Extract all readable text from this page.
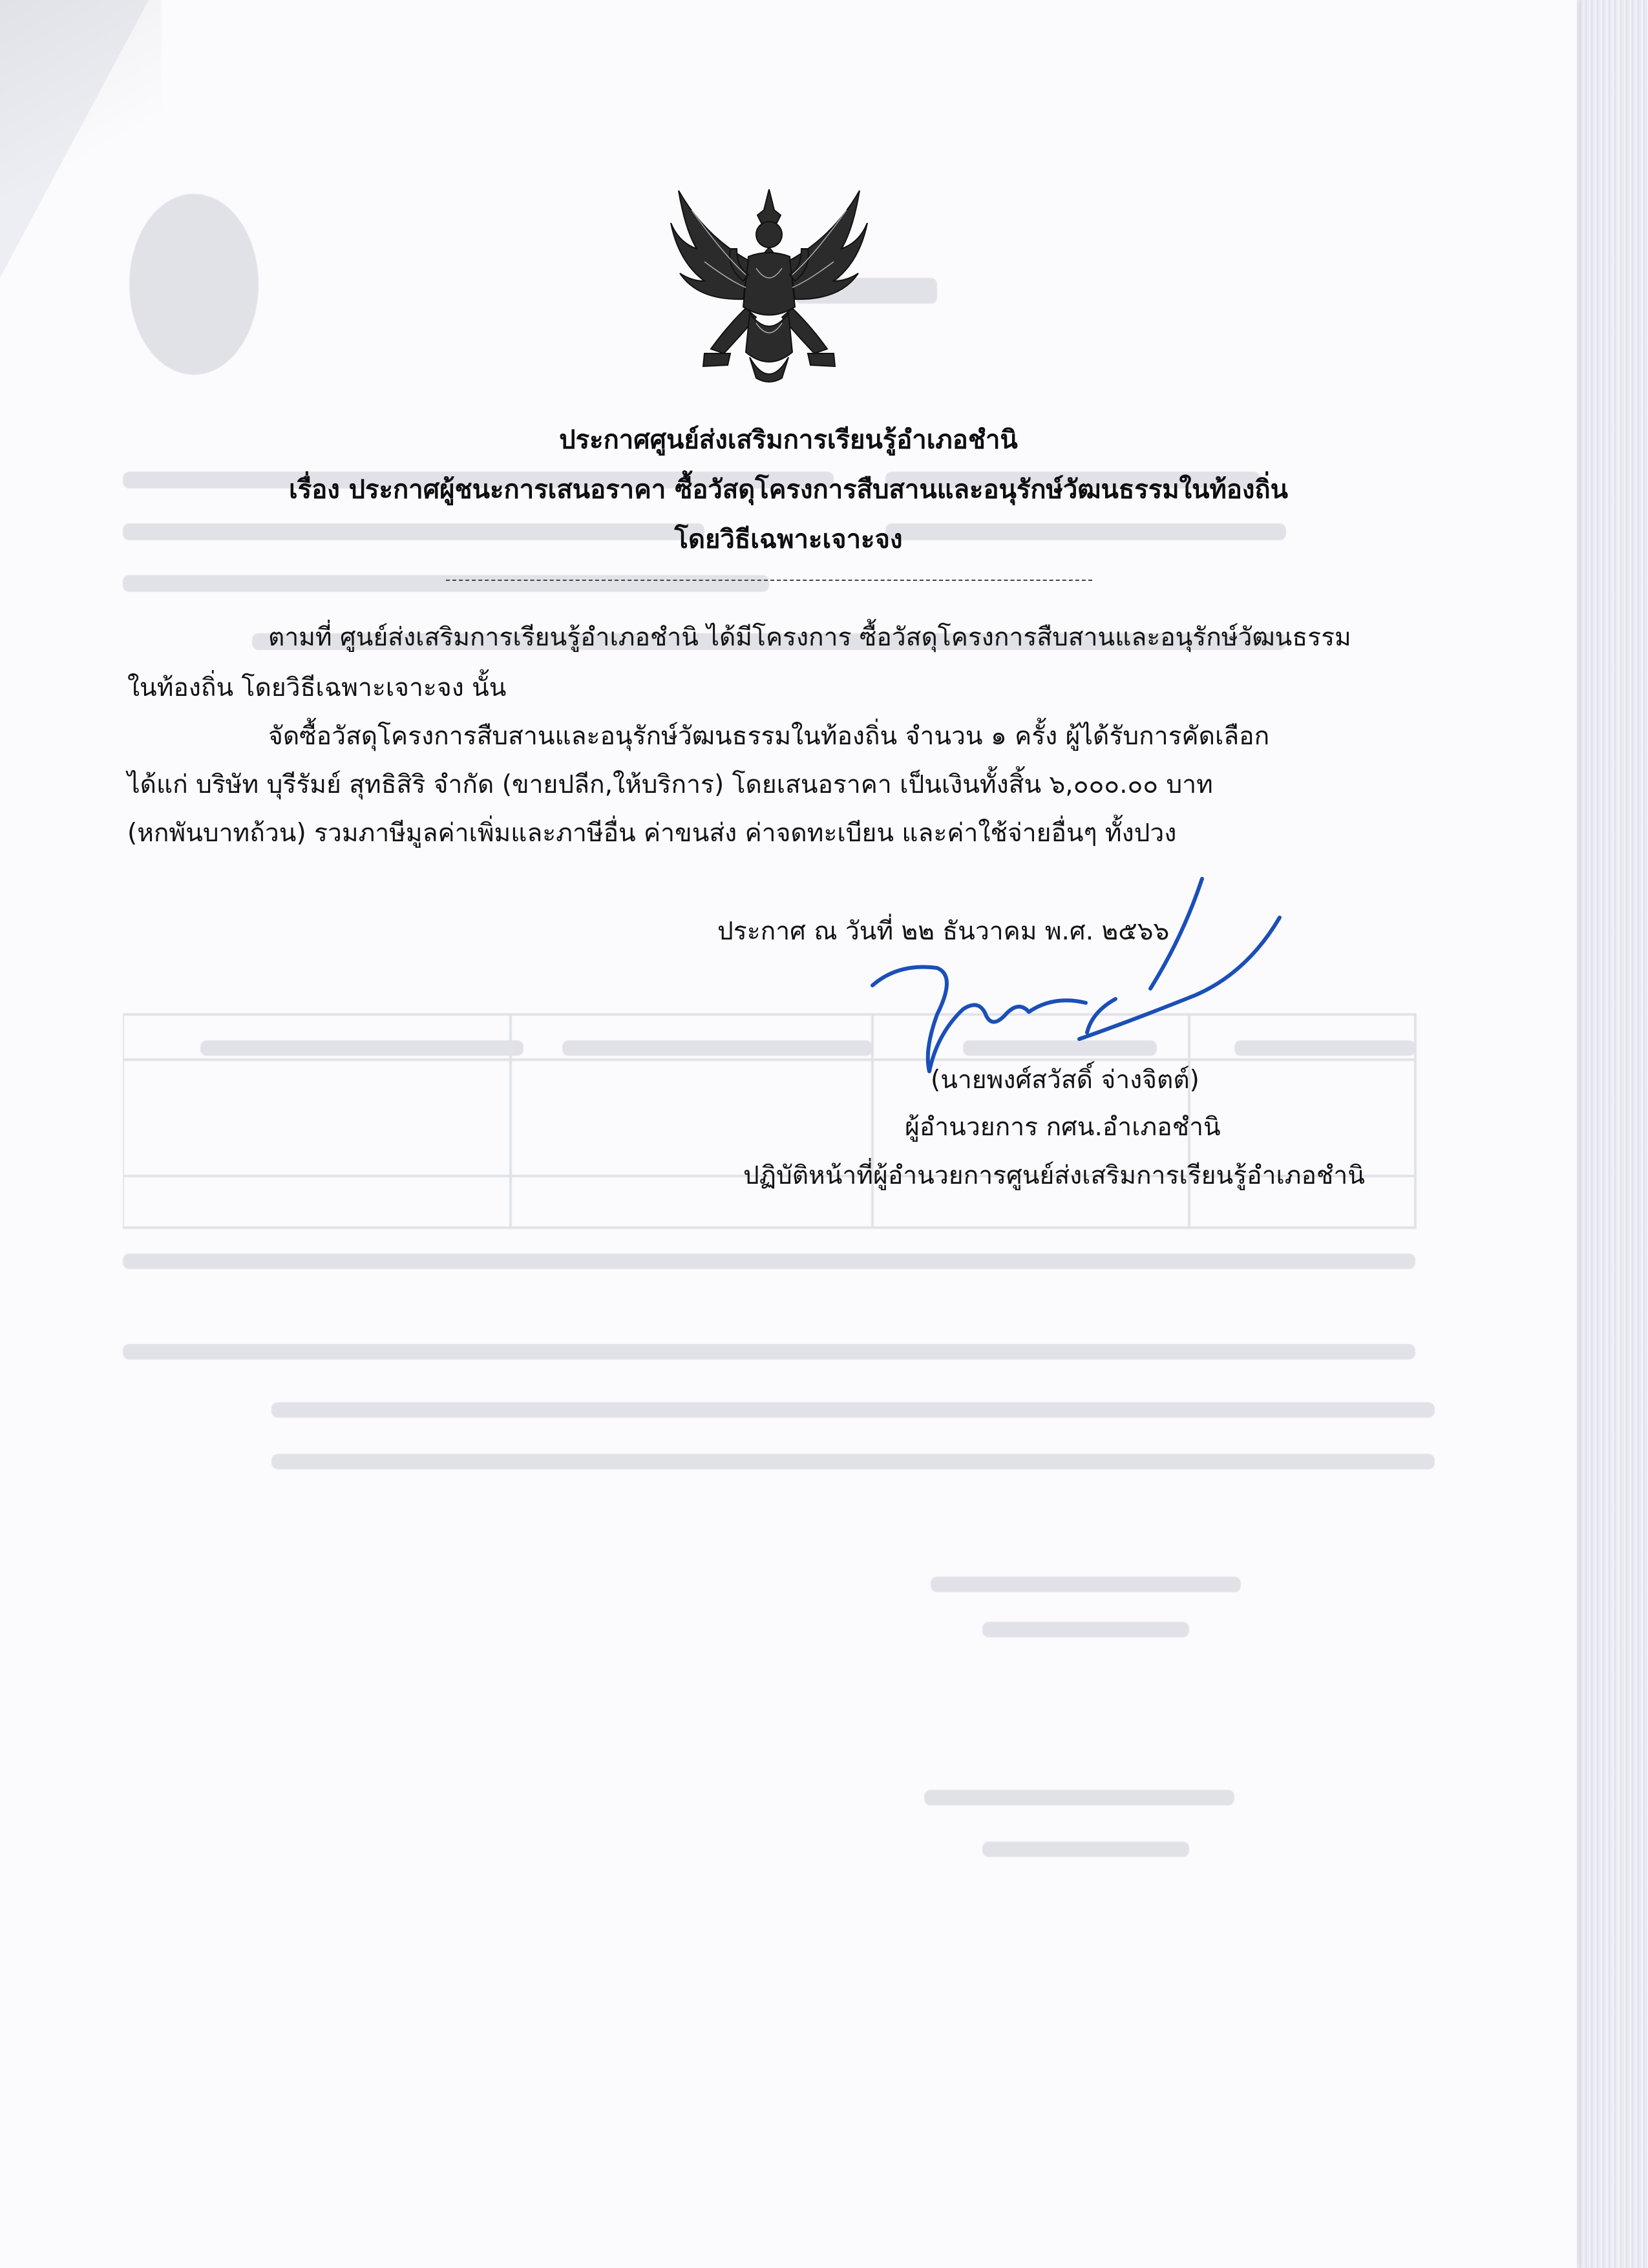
ประกาศศูนย์ส่งเสริมการเรียนรู้อำเภอชำนิ
เรื่อง ประกาศผู้ชนะการเสนอราคา ซื้อวัสดุโครงการสืบสานและอนุรักษ์วัฒนธรรมในท้องถิ่น
โดยวิธีเฉพาะเจาะจง
ตามที่ ศูนย์ส่งเสริมการเรียนรู้อำเภอชำนิ ได้มีโครงการ ซื้อวัสดุโครงการสืบสานและอนุรักษ์วัฒนธรรม
ในท้องถิ่น โดยวิธีเฉพาะเจาะจง นั้น
จัดซื้อวัสดุโครงการสืบสานและอนุรักษ์วัฒนธรรมในท้องถิ่น จำนวน ๑ ครั้ง ผู้ได้รับการคัดเลือก
ได้แก่ บริษัท บุรีรัมย์ สุทธิสิริ จำกัด (ขายปลีก,ให้บริการ) โดยเสนอราคา เป็นเงินทั้งสิ้น ๖,๐๐๐.๐๐ บาท
(หกพันบาทถ้วน) รวมภาษีมูลค่าเพิ่มและภาษีอื่น ค่าขนส่ง ค่าจดทะเบียน และค่าใช้จ่ายอื่นๆ ทั้งปวง
ประกาศ ณ วันที่ ๒๒ ธันวาคม พ.ศ. ๒๕๖๖
(นายพงศ์สวัสดิ์ จ่างจิตต์)
ผู้อำนวยการ กศน.อำเภอชำนิ
ปฏิบัติหน้าที่ผู้อำนวยการศูนย์ส่งเสริมการเรียนรู้อำเภอชำนิ
